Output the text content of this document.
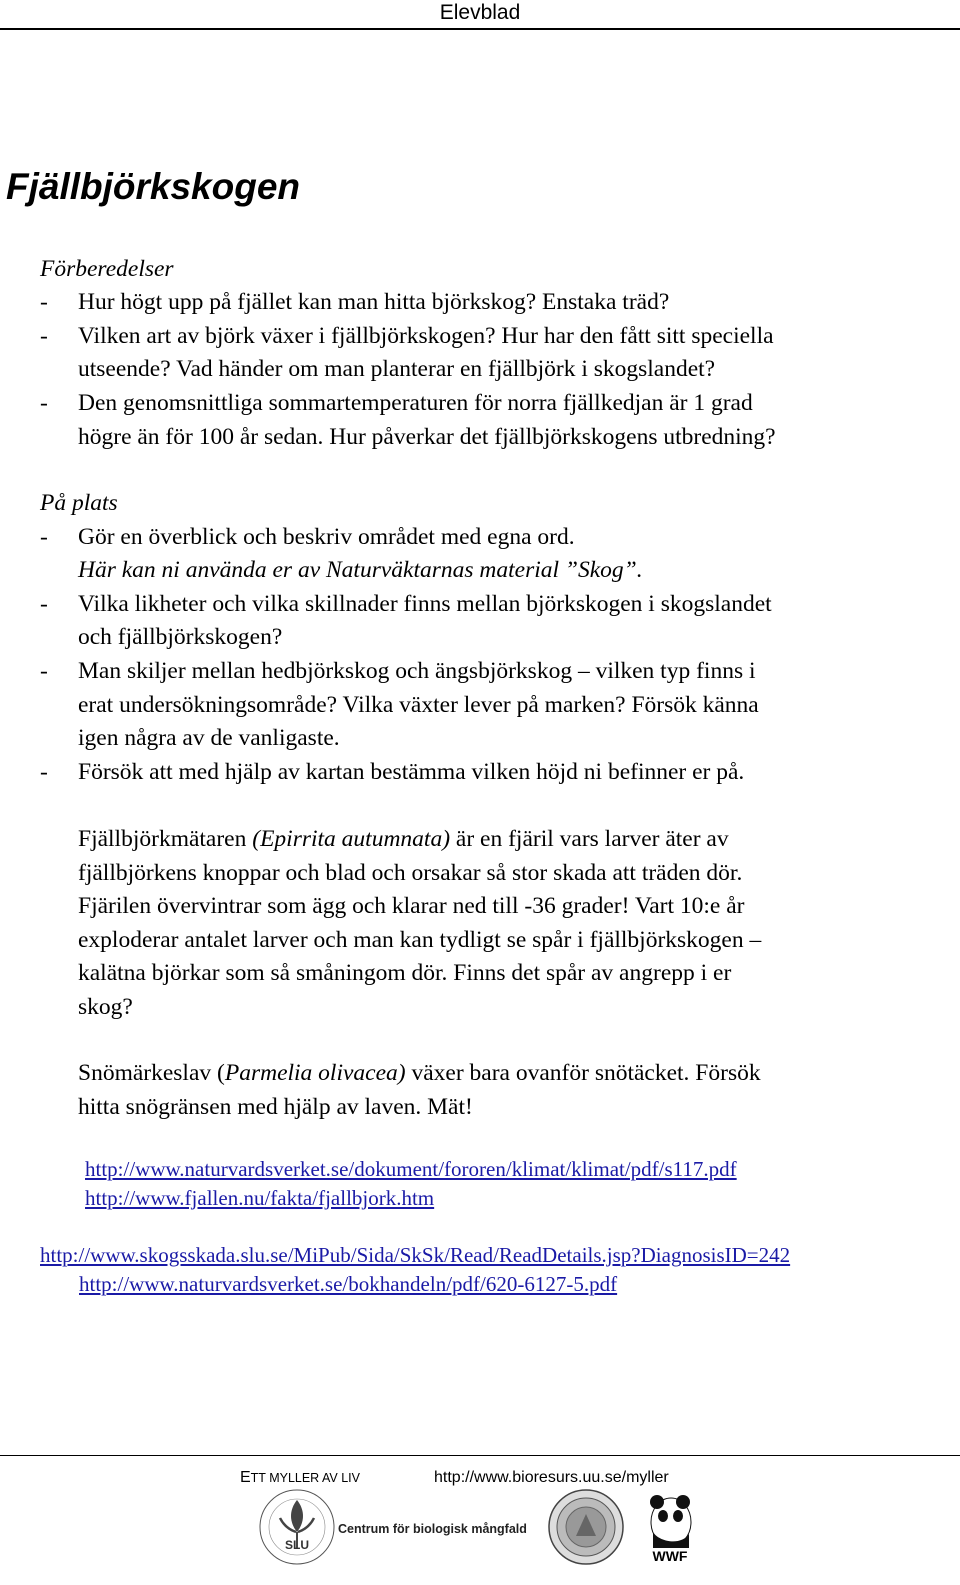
Elevblad
Fjällbjörkskogen
Förberedelser
-	Hur högt upp på fjället kan man hitta björkskog? Enstaka träd?
-	Vilken art av björk växer i fjällbjörkskogen? Hur har den fått sitt speciella
utseende? Vad händer om man planterar en fjällbjörk i skogslandet?
-	Den genomsnittliga sommartemperaturen för norra fjällkedjan är 1 grad
högre än för 100 år sedan. Hur påverkar det fjällbjörkskogens utbredning?
På plats
-	Gör en överblick och beskriv området med egna ord.
Här kan ni använda er av Naturväktarnas material ”Skog”.
-	Vilka likheter och vilka skillnader finns mellan björkskogen i skogslandet
och fjällbjörkskogen?
-	Man skiljer mellan hedbjörkskog och ängsbjörkskog – vilken typ finns i
erat undersökningsområde? Vilka växter lever på marken? Försök känna
igen några av de vanligaste.
-	Försök att med hjälp av kartan bestämma vilken höjd ni befinner er på.
Fjällbjörkmätaren (Epirrita autumnata) är en fjäril vars larver äter av
fjällbjörkens knoppar och blad och orsakar så stor skada att träden dör.
Fjärilen övervintrar som ägg och klarar ned till -36 grader! Vart 10:e år
exploderar antalet larver och man kan tydligt se spår i fjällbjörkskogen –
kalätna björkar som så småningom dör. Finns det spår av angrepp i er
skog?
Snömärkeslav (Parmelia olivacea) växer bara ovanför snötäcket. Försök
hitta snögränsen med hjälp av laven. Mät!
http://www.naturvardsverket.se/dokument/fororen/klimat/klimat/pdf/s117.pdf
http://www.fjallen.nu/fakta/fjallbjork.htm
http://www.skogsskada.slu.se/MiPub/Sida/SkSk/Read/ReadDetails.jsp?DiagnosisID=242
http://www.naturvardsverket.se/bokhandeln/pdf/620-6127-5.pdf
ETT MYLLER AV LIV	http://www.bioresurs.uu.se/myller
SLU
Centrum för biologisk mångfald
WWF
